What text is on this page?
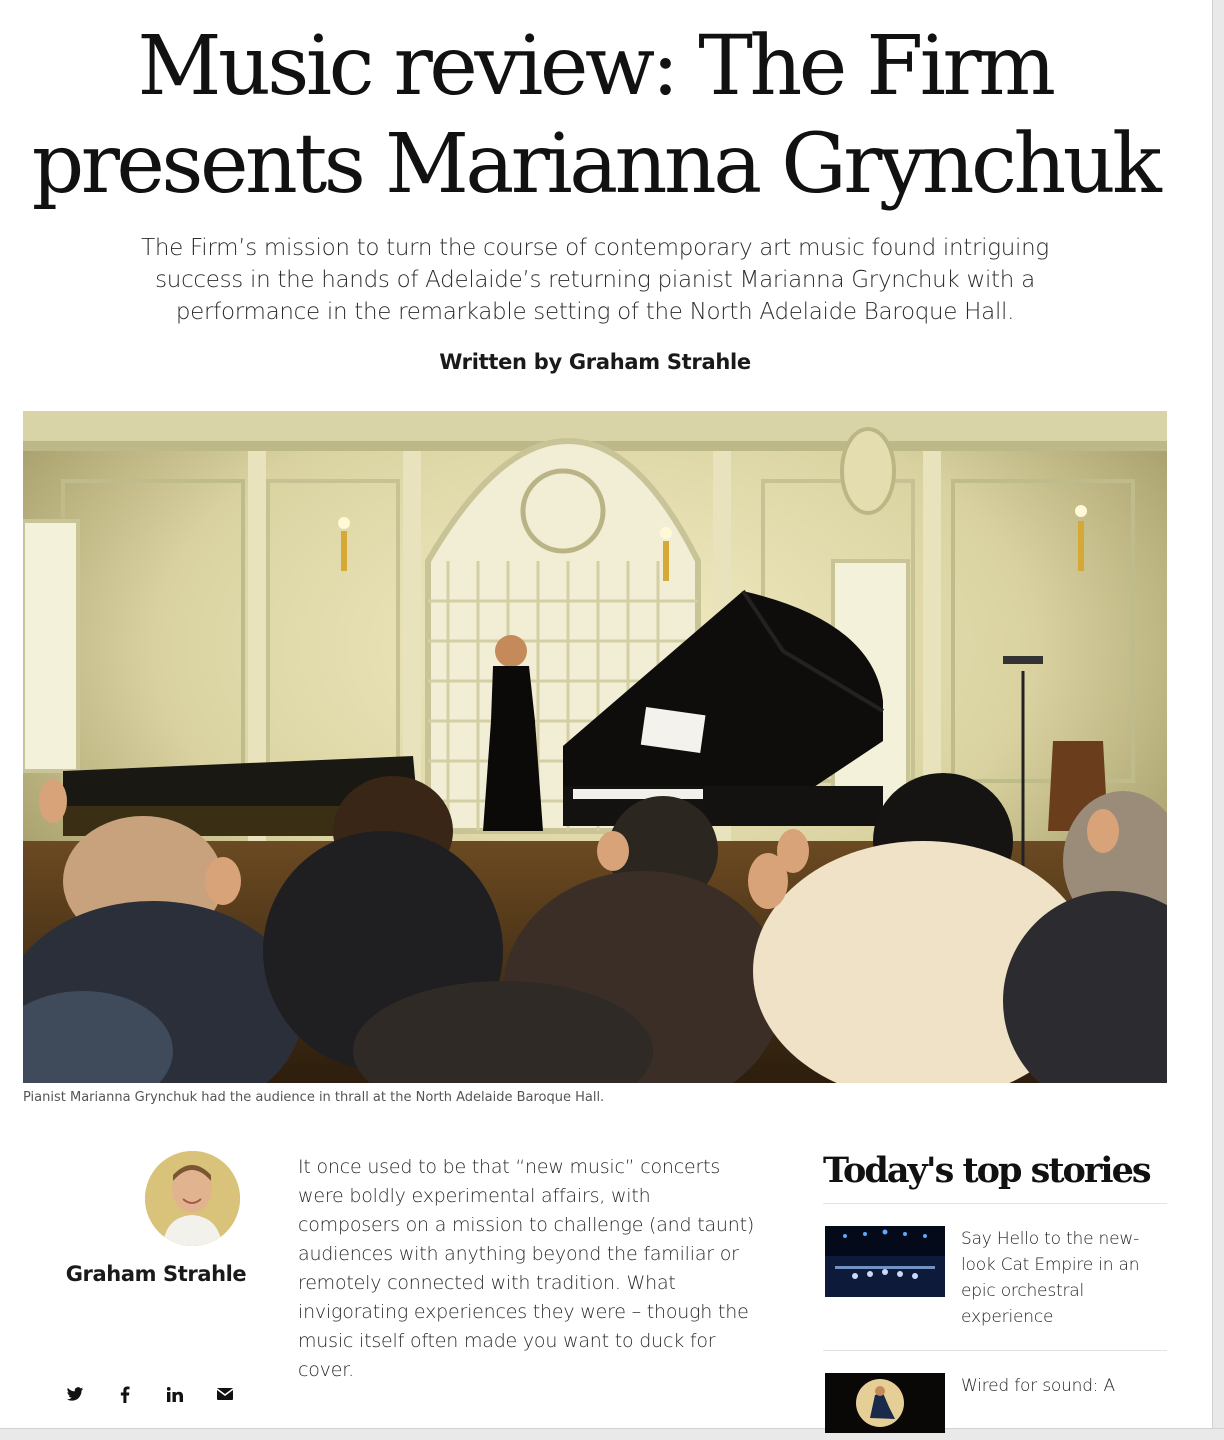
Music review: The Firm presents Marianna Grynchuk

The Firm’s mission to turn the course of contemporary art music found intriguing success in the hands of Adelaide’s returning pianist Marianna Grynchuk with a performance in the remarkable setting of the North Adelaide Baroque Hall.

Written by Graham Strahle
Pianist Marianna Grynchuk had the audience in thrall at the North Adelaide Baroque Hall.
Graham Strahle

It once used to be that “new music” concerts were boldly experimental affairs, with composers on a mission to challenge (and taunt) audiences with anything beyond the familiar or remotely connected with tradition. What invigorating experiences they were – though the music itself often made you want to duck for cover.

Today's top stories
Say Hello to the new-look Cat Empire in an epic orchestral experience
Wired for sound: A
